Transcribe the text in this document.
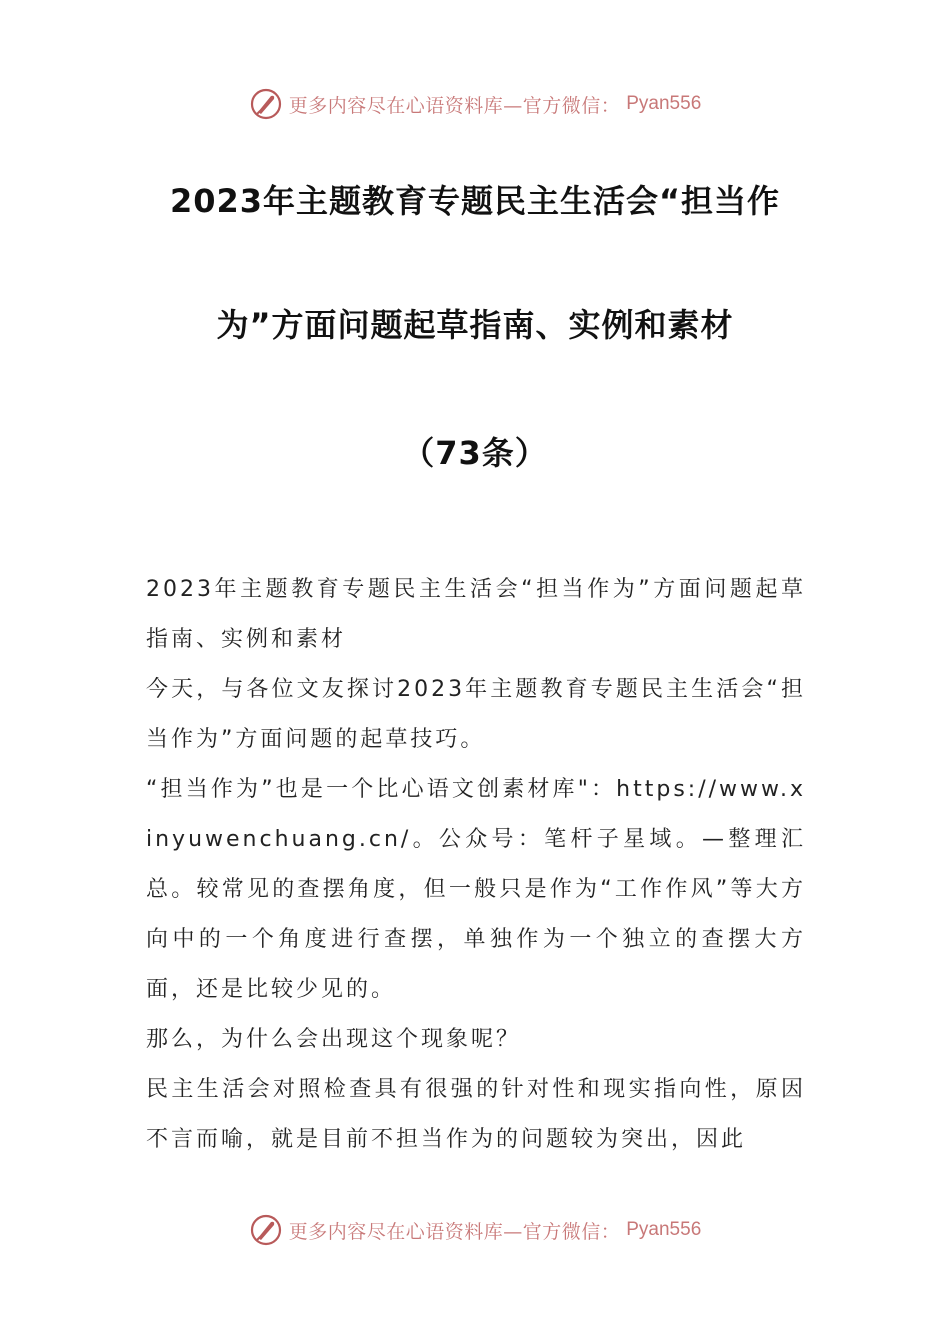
更多内容尽在心语资料库—官方微信： Pyan556
2023年主题教育专题民主生活会“担当作
为”方面问题起草指南、实例和素材
（73条）

2023年主题教育专题民主生活会“担当作为”方面问题起草指南、实例和素材

今天，与各位文友探讨2023年主题教育专题民主生活会“担当作为”方面问题的起草技巧。

“担当作为”也是一个比心语文创素材库"：https://www.xinyuwenchuang.cn/。公众号：笔杆子星域。—整理汇总。较常见的查摆角度，但一般只是作为“工作作风”等大方向中的一个角度进行查摆，单独作为一个独立的查摆大方面，还是比较少见的。

那么，为什么会出现这个现象呢？

民主生活会对照检查具有很强的针对性和现实指向性，原因不言而喻，就是目前不担当作为的问题较为突出，因此

更多内容尽在心语资料库—官方微信： Pyan556
